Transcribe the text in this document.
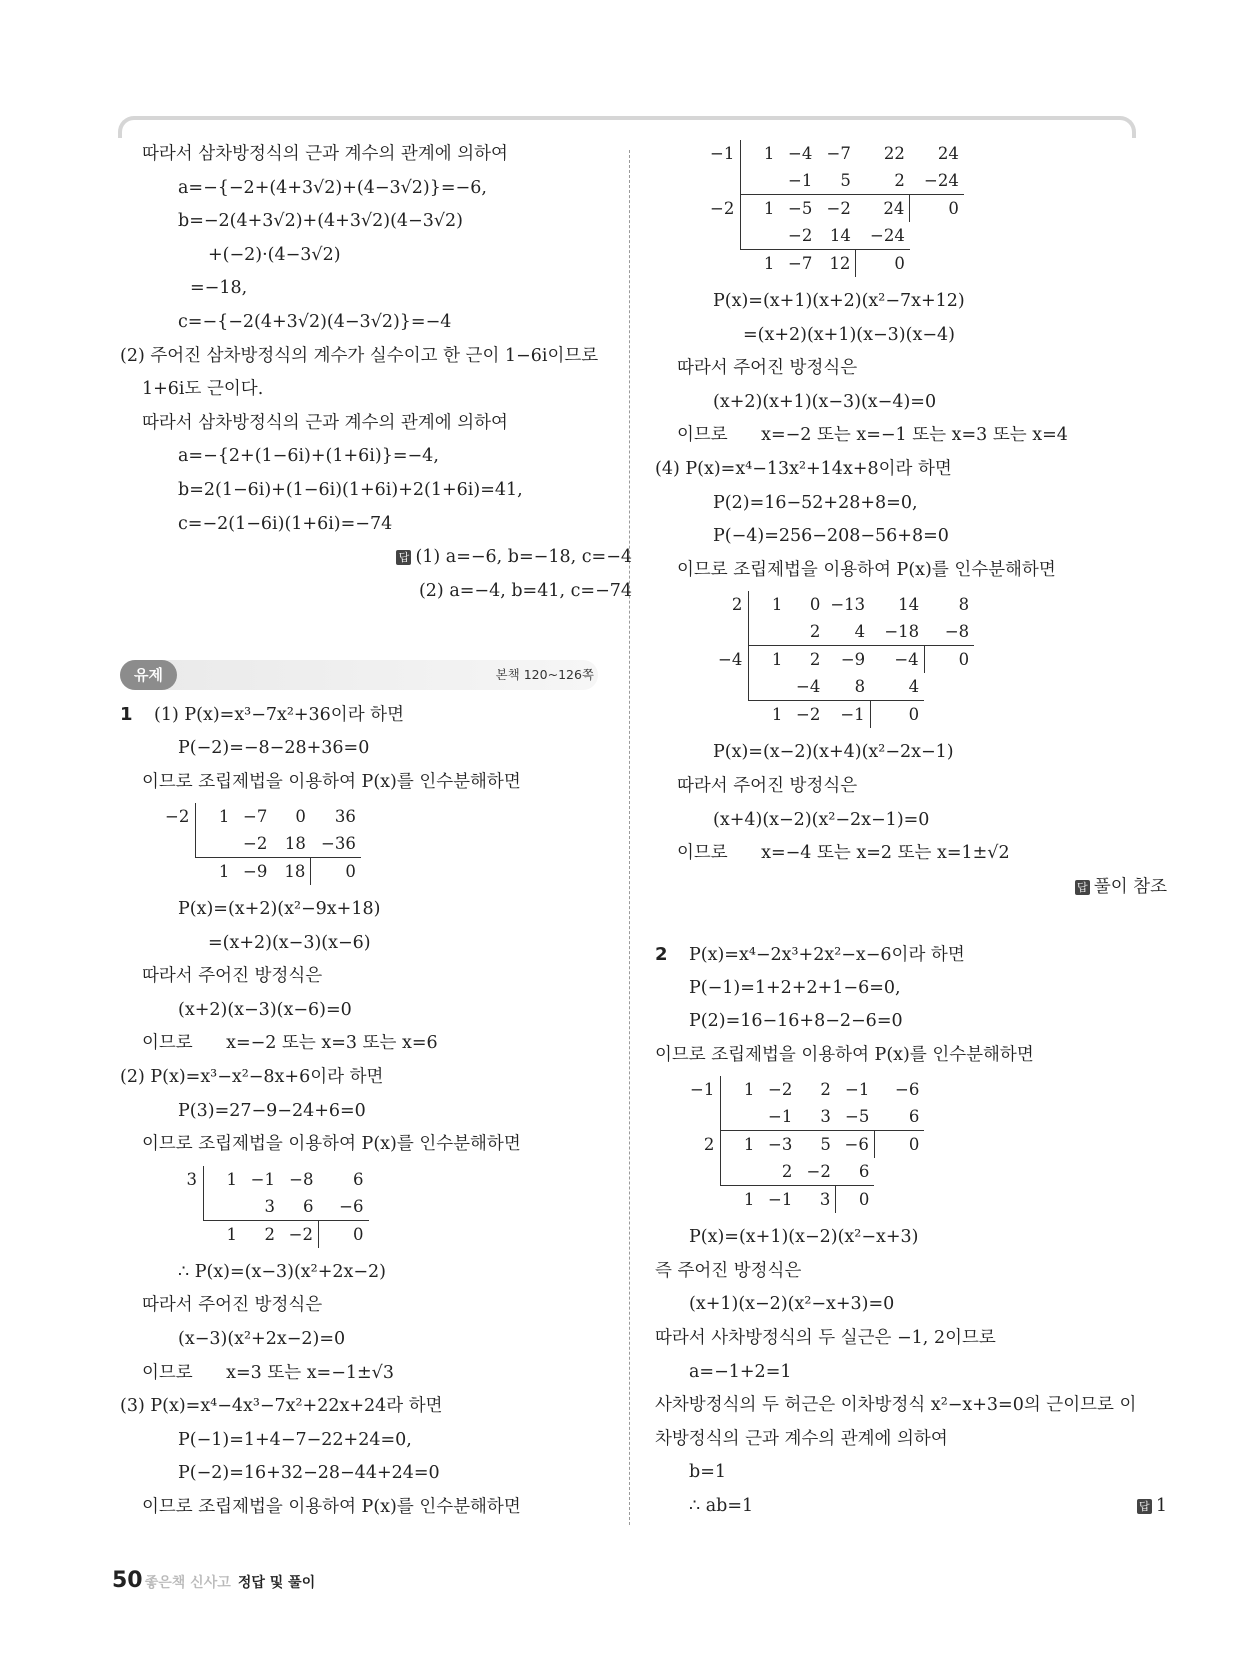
따라서 삼차방정식의 근과 계수의 관계에 의하여
a=−{−2+(4+3√2)+(4−3√2)}=−6,
b=−2(4+3√2)+(4+3√2)(4−3√2)
+(−2)·(4−3√2)
=−18,
c=−{−2(4+3√2)(4−3√2)}=−4
(2) 주어진 삼차방정식의 계수가 실수이고 한 근이 1−6i이므로
1+6i도 근이다.
따라서 삼차방정식의 근과 계수의 관계에 의하여
a=−{2+(1−6i)+(1+6i)}=−4,
b=2(1−6i)+(1−6i)(1+6i)+2(1+6i)=41,
c=−2(1−6i)(1+6i)=−74
답 (1) a=−6, b=−18, c=−4
(2) a=−4, b=41, c=−74
유제	본책 120~126쪽
1 (1) P(x)=x³−7x²+36이라 하면
P(−2)=−8−28+36=0
이므로 조립제법을 이용하여 P(x)를 인수분해하면
−2	1	−7	0	36
		−2	18	−36
	1	−9	18	0
P(x)=(x+2)(x²−9x+18)
=(x+2)(x−3)(x−6)
따라서 주어진 방정식은
(x+2)(x−3)(x−6)=0
이므로      x=−2 또는 x=3 또는 x=6
(2) P(x)=x³−x²−8x+6이라 하면
P(3)=27−9−24+6=0
이므로 조립제법을 이용하여 P(x)를 인수분해하면
3	1	−1	−8	6
		3	6	−6
	1	2	−2	0
∴ P(x)=(x−3)(x²+2x−2)
따라서 주어진 방정식은
(x−3)(x²+2x−2)=0
이므로      x=3 또는 x=−1±√3
(3) P(x)=x⁴−4x³−7x²+22x+24라 하면
P(−1)=1+4−7−22+24=0,
P(−2)=16+32−28−44+24=0
이므로 조립제법을 이용하여 P(x)를 인수분해하면
−1	1	−4	−7	22	24
		−1	5	2	−24
−2	1	−5	−2	24	0
		−2	14	−24	
	1	−7	12	0	
P(x)=(x+1)(x+2)(x²−7x+12)
=(x+2)(x+1)(x−3)(x−4)
따라서 주어진 방정식은
(x+2)(x+1)(x−3)(x−4)=0
이므로      x=−2 또는 x=−1 또는 x=3 또는 x=4
(4) P(x)=x⁴−13x²+14x+8이라 하면
P(2)=16−52+28+8=0,
P(−4)=256−208−56+8=0
이므로 조립제법을 이용하여 P(x)를 인수분해하면
2	1	0	−13	14	8
		2	4	−18	−8
−4	1	2	−9	−4	0
		−4	8	4	
	1	−2	−1	0	
P(x)=(x−2)(x+4)(x²−2x−1)
따라서 주어진 방정식은
(x+4)(x−2)(x²−2x−1)=0
이므로      x=−4 또는 x=2 또는 x=1±√2
답 풀이 참조
2 P(x)=x⁴−2x³+2x²−x−6이라 하면
P(−1)=1+2+2+1−6=0,
P(2)=16−16+8−2−6=0
이므로 조립제법을 이용하여 P(x)를 인수분해하면
−1	1	−2	2	−1	−6
		−1	3	−5	6
2	1	−3	5	−6	0
		2	−2	6	
	1	−1	3	0	
P(x)=(x+1)(x−2)(x²−x+3)
즉 주어진 방정식은
(x+1)(x−2)(x²−x+3)=0
따라서 사차방정식의 두 실근은 −1, 2이므로
a=−1+2=1
사차방정식의 두 허근은 이차방정식 x²−x+3=0의 근이므로 이
차방정식의 근과 계수의 관계에 의하여
b=1
∴ ab=1	답 1
50 좋은책 신사고 정답 및 풀이
